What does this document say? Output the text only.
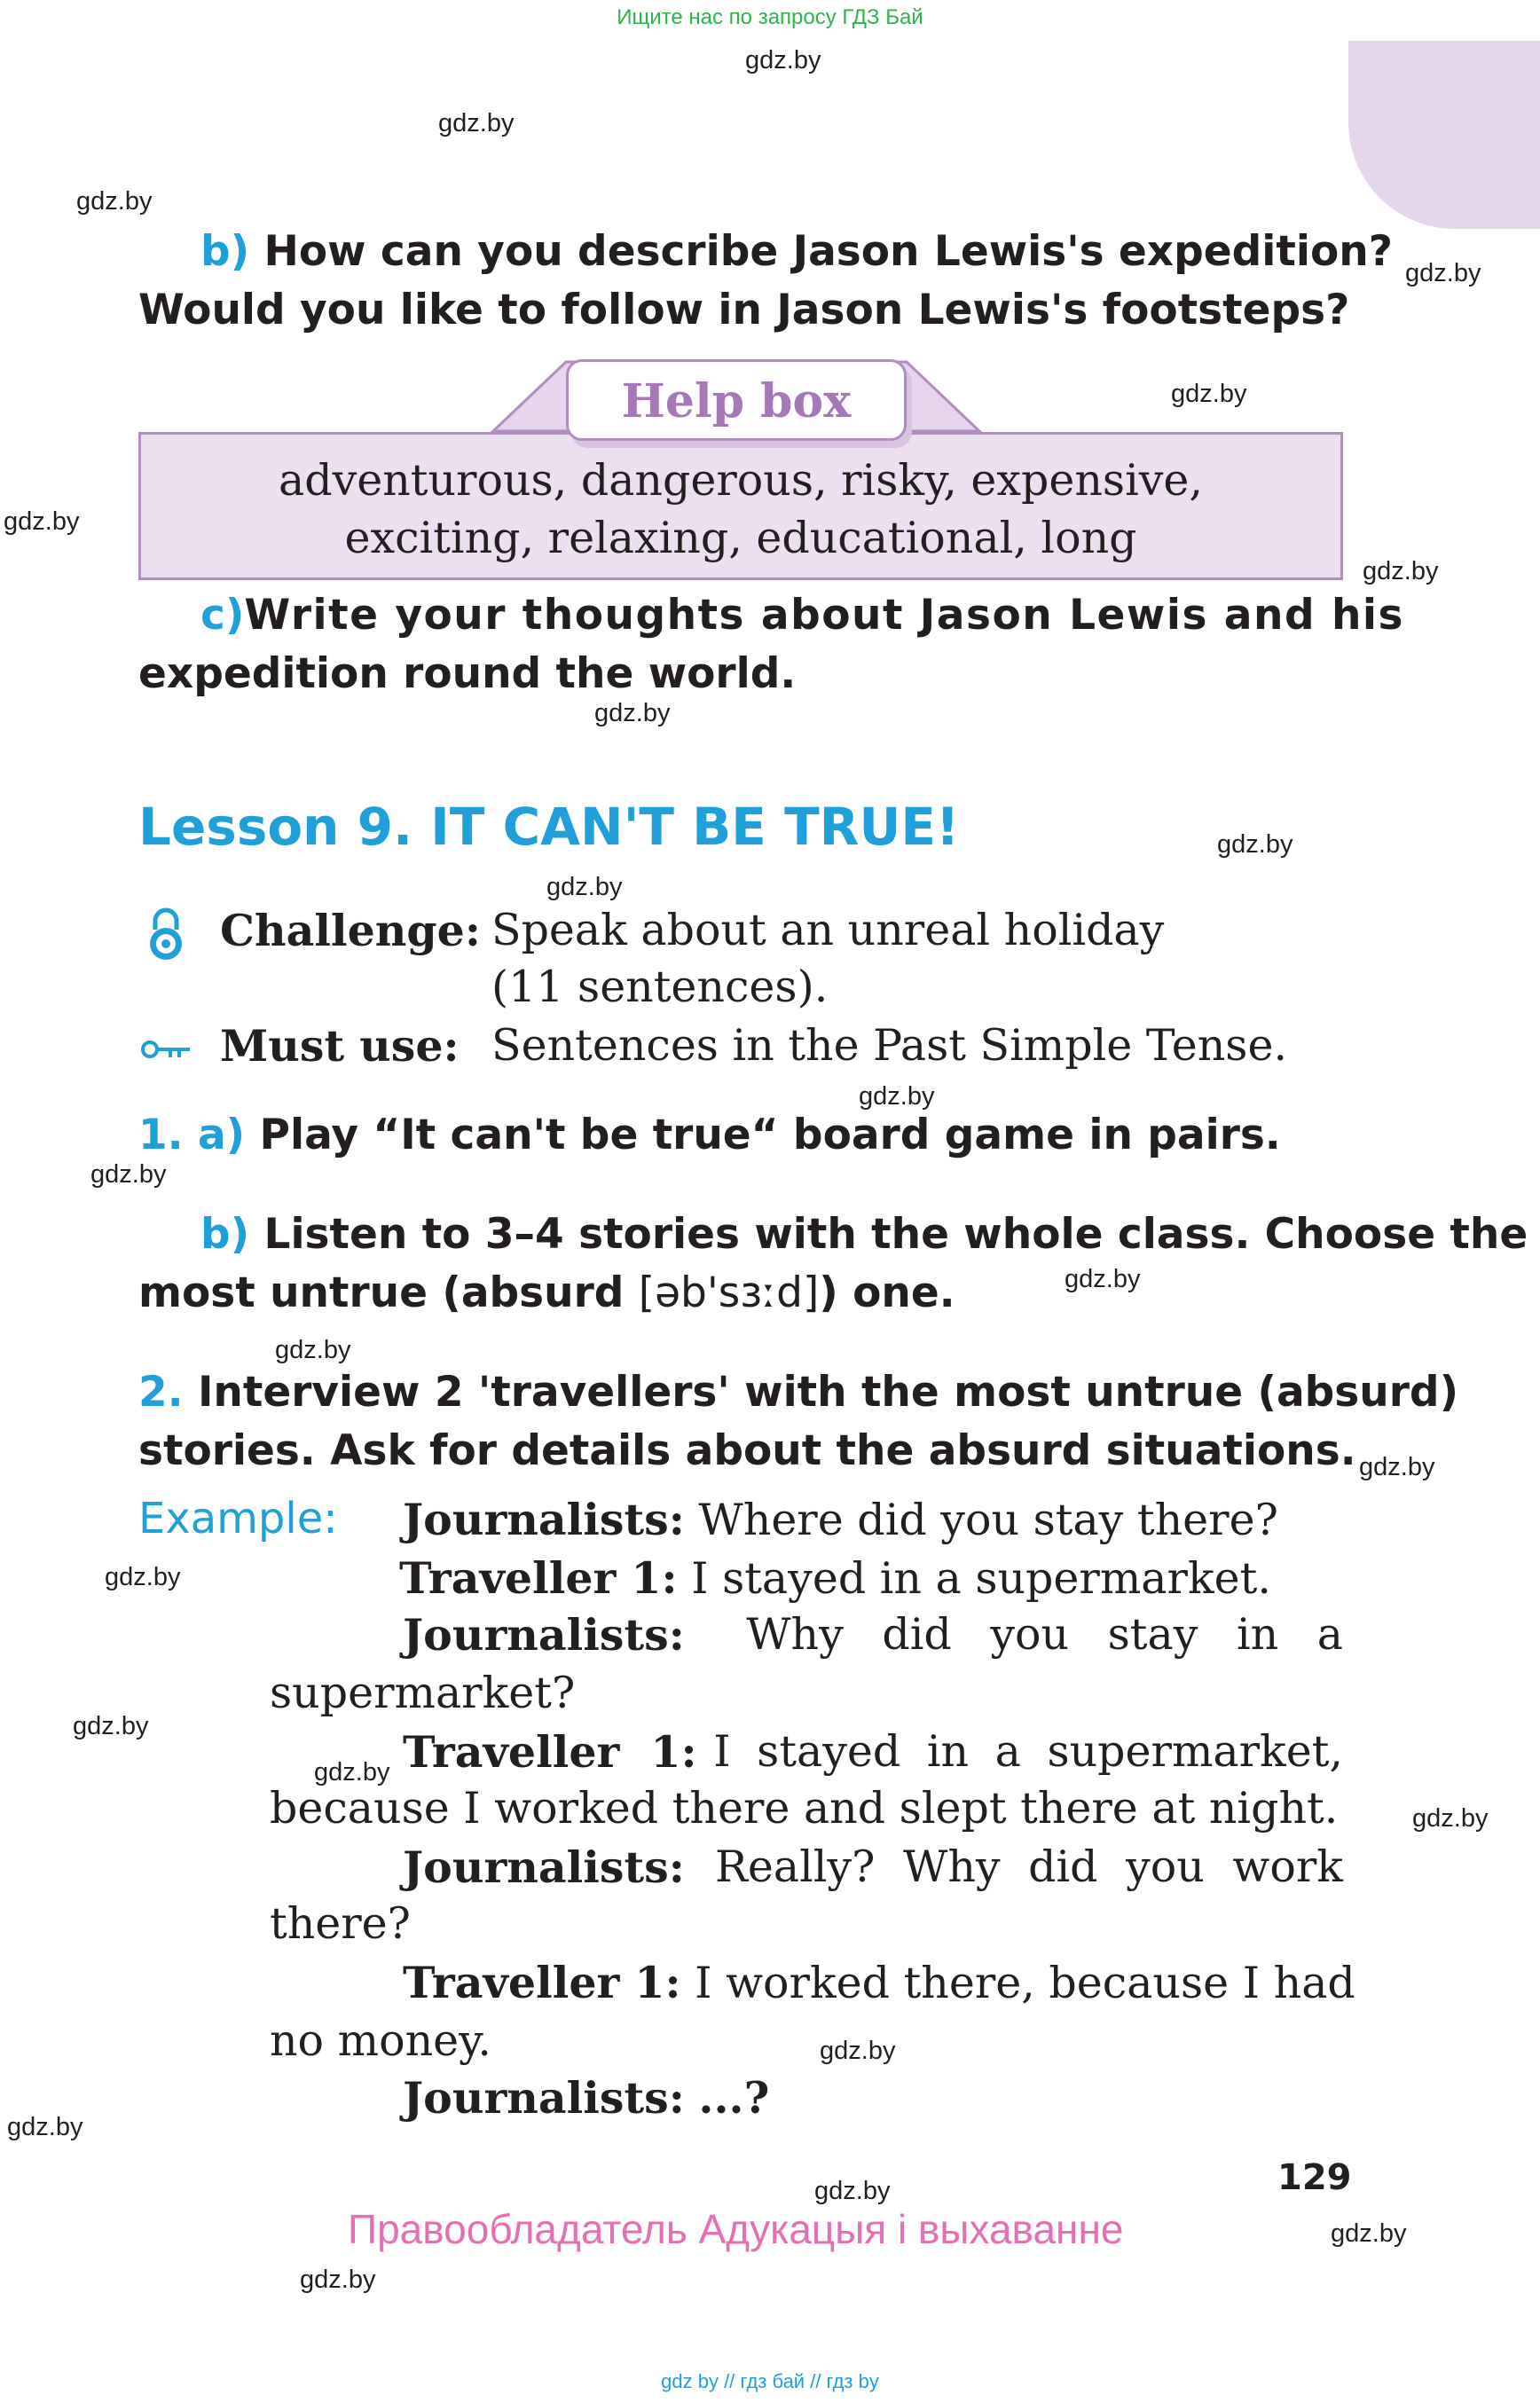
Ищите нас по запросу ГДЗ Бай
gdz.by
gdz.by
gdz.by
gdz.by
gdz.by
gdz.by
gdz.by
gdz.by
gdz.by
gdz.by
gdz.by
gdz.by
gdz.by
gdz.by
gdz.by
gdz.by
gdz.by
gdz.by
gdz.by
gdz.by
gdz.by
gdz.by
gdz.by
gdz.by
b) How can you describe Jason Lewis's expedition?
Would you like to follow in Jason Lewis's footsteps?
Help box
adventurous, dangerous, risky, expensive,
exciting, relaxing, educational, long
c) Write your thoughts about Jason Lewis and his
expedition round the world.
Lesson 9. IT CAN'T BE TRUE!
Challenge: Speak about an unreal holiday
(11 sentences).
Must use: Sentences in the Past Simple Tense.
1. a) Play “It can't be true“ board game in pairs.
b) Listen to 3–4 stories with the whole class. Choose the
most untrue (absurd [əb'sɜːd]) one.
2. Interview 2 'travellers' with the most untrue (absurd)
stories. Ask for details about the absurd situations.
Example: Journalists: Where did you stay there?
Traveller 1: I stayed in a supermarket.
Journalists: Why did you stay in a
supermarket?
Traveller 1: I stayed in a supermarket,
because I worked there and slept there at night.
Journalists: Really? Why did you work
there?
Traveller 1: I worked there, because I had
no money.
Journalists: ...?
129
Правообладатель Адукацыя і выхаванне
gdz by // гдз бай // гдз by
